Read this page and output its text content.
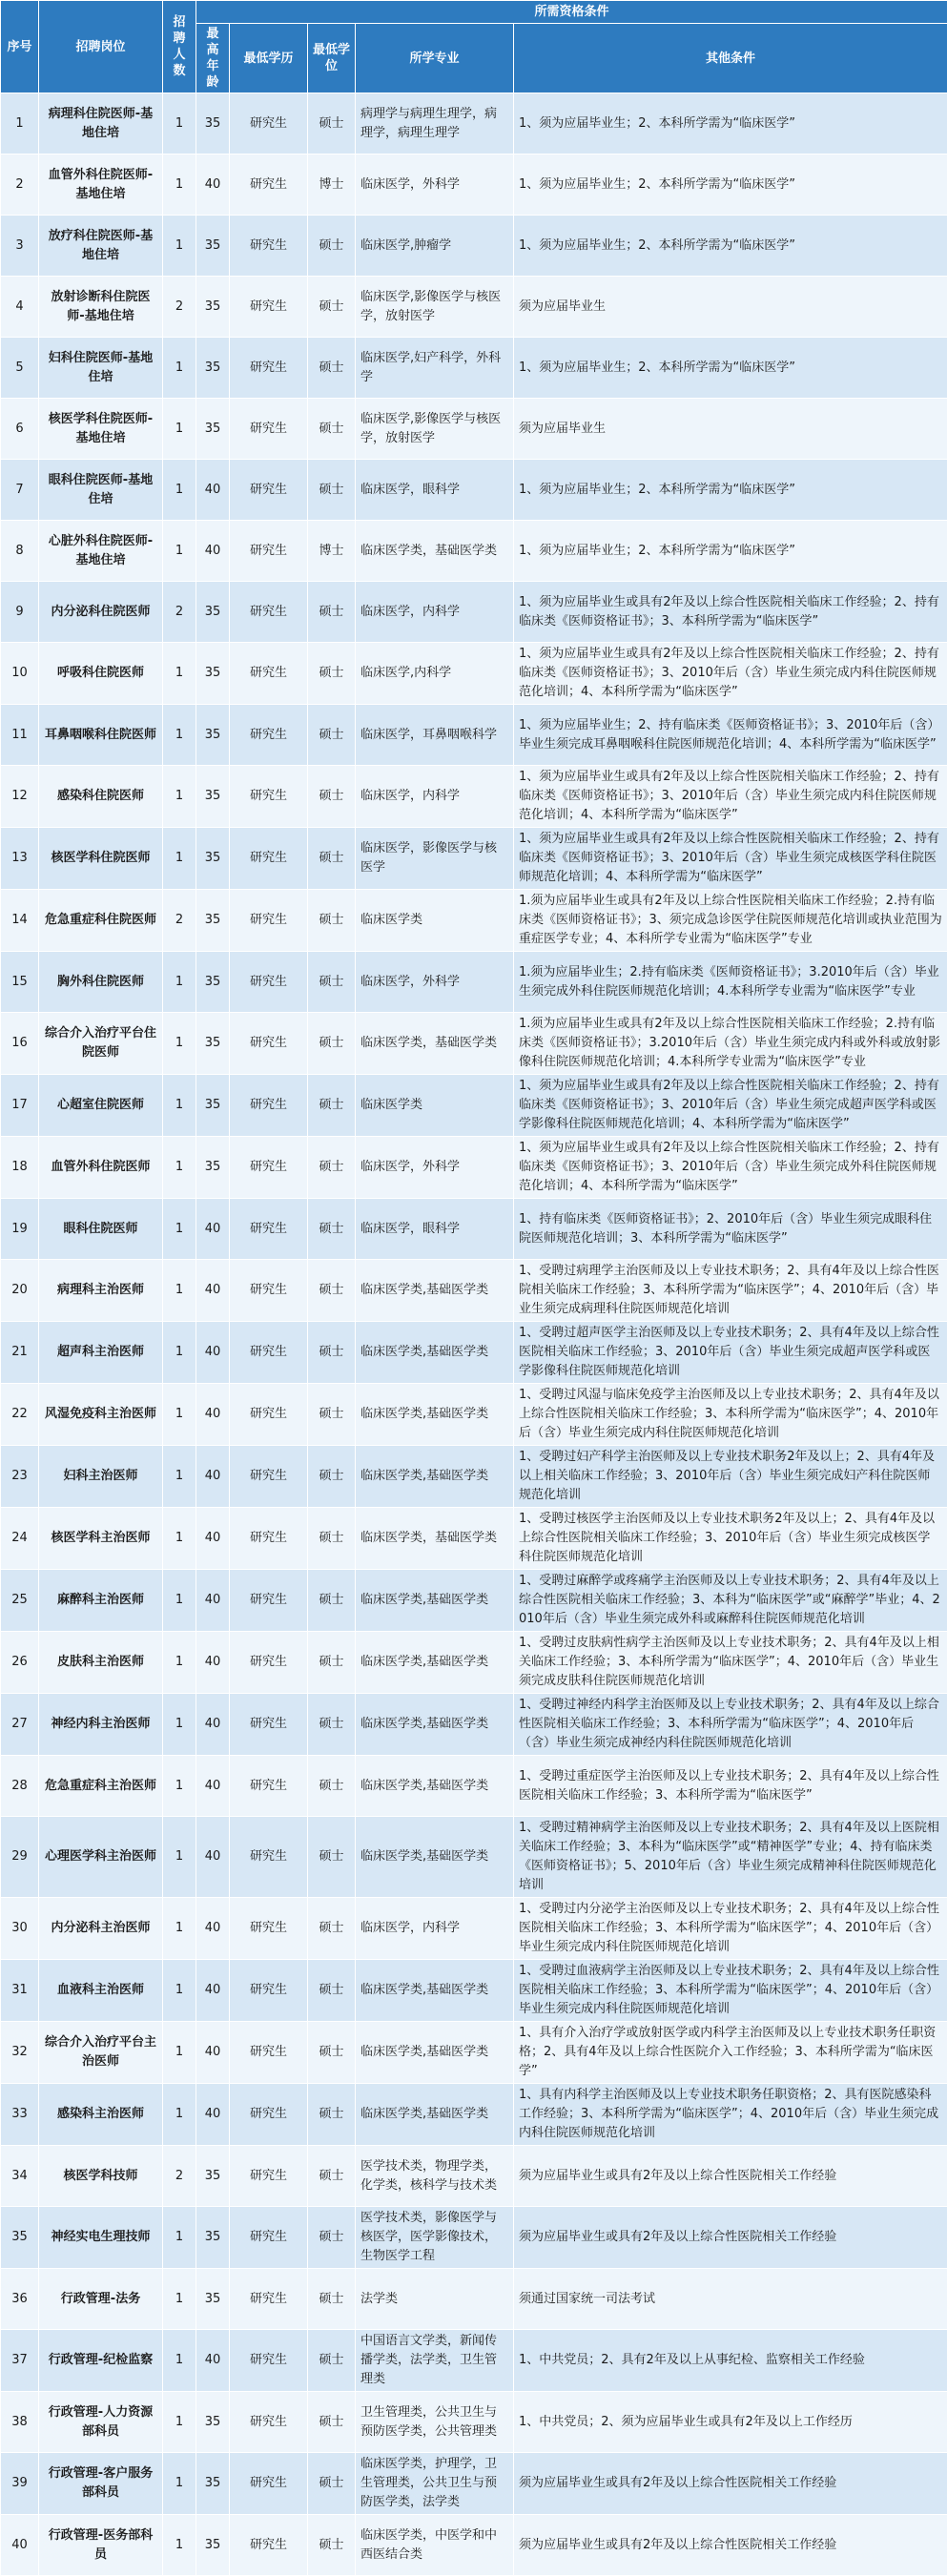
序号	招聘岗位	招聘人数	所需资格条件				
			最高年龄	最低学历	最低学位	所学专业	其他条件
1	病理科住院医师-基地住培	1	35	研究生	硕士	病理学与病理生理学，病理学，病理生理学	1、须为应届毕业生；2、本科所学需为“临床医学”
2	血管外科住院医师-基地住培	1	40	研究生	博士	临床医学，外科学	1、须为应届毕业生；2、本科所学需为“临床医学”
3	放疗科住院医师-基地住培	1	35	研究生	硕士	临床医学,肿瘤学	1、须为应届毕业生；2、本科所学需为“临床医学”
4	放射诊断科住院医师-基地住培	2	35	研究生	硕士	临床医学,影像医学与核医学，放射医学	须为应届毕业生
5	妇科住院医师-基地住培	1	35	研究生	硕士	临床医学,妇产科学，外科学	1、须为应届毕业生；2、本科所学需为“临床医学”
6	核医学科住院医师-基地住培	1	35	研究生	硕士	临床医学,影像医学与核医学，放射医学	须为应届毕业生
7	眼科住院医师-基地住培	1	40	研究生	硕士	临床医学，眼科学	1、须为应届毕业生；2、本科所学需为“临床医学”
8	心脏外科住院医师-基地住培	1	40	研究生	博士	临床医学类，基础医学类	1、须为应届毕业生；2、本科所学需为“临床医学”
9	内分泌科住院医师	2	35	研究生	硕士	临床医学，内科学	1、须为应届毕业生或具有2年及以上综合性医院相关临床工作经验；2、持有临床类《医师资格证书》；3、本科所学需为“临床医学”
10	呼吸科住院医师	1	35	研究生	硕士	临床医学,内科学	1、须为应届毕业生或具有2年及以上综合性医院相关临床工作经验；2、持有临床类《医师资格证书》；3、2010年后（含）毕业生须完成内科住院医师规范化培训；4、本科所学需为“临床医学”
11	耳鼻咽喉科住院医师	1	35	研究生	硕士	临床医学，耳鼻咽喉科学	1、须为应届毕业生；2、持有临床类《医师资格证书》；3、2010年后（含）毕业生须完成耳鼻咽喉科住院医师规范化培训；4、本科所学需为“临床医学”
12	感染科住院医师	1	35	研究生	硕士	临床医学，内科学	1、须为应届毕业生或具有2年及以上综合性医院相关临床工作经验；2、持有临床类《医师资格证书》；3、2010年后（含）毕业生须完成内科住院医师规范化培训；4、本科所学需为“临床医学”
13	核医学科住院医师	1	35	研究生	硕士	临床医学，影像医学与核医学	1、须为应届毕业生或具有2年及以上综合性医院相关临床工作经验；2、持有临床类《医师资格证书》；3、2010年后（含）毕业生须完成核医学科住院医师规范化培训；4、本科所学需为“临床医学”
14	危急重症科住院医师	2	35	研究生	硕士	临床医学类	1.须为应届毕业生或具有2年及以上综合性医院相关临床工作经验；2.持有临床类《医师资格证书》；3、须完成急诊医学住院医师规范化培训或执业范围为重症医学专业；4、本科所学专业需为“临床医学”专业
15	胸外科住院医师	1	35	研究生	硕士	临床医学，外科学	1.须为应届毕业生；2.持有临床类《医师资格证书》；3.2010年后（含）毕业生须完成外科住院医师规范化培训；4.本科所学专业需为“临床医学”专业
16	综合介入治疗平台住院医师	1	35	研究生	硕士	临床医学类，基础医学类	1.须为应届毕业生或具有2年及以上综合性医院相关临床工作经验；2.持有临床类《医师资格证书》；3.2010年后（含）毕业生须完成内科或外科或放射影像科住院医师规范化培训；4.本科所学专业需为“临床医学”专业
17	心超室住院医师	1	35	研究生	硕士	临床医学类	1、须为应届毕业生或具有2年及以上综合性医院相关临床工作经验；2、持有临床类《医师资格证书》；3、2010年后（含）毕业生须完成超声医学科或医学影像科住院医师规范化培训；4、本科所学需为“临床医学”
18	血管外科住院医师	1	35	研究生	硕士	临床医学，外科学	1、须为应届毕业生或具有2年及以上综合性医院相关临床工作经验；2、持有临床类《医师资格证书》；3、2010年后（含）毕业生须完成外科住院医师规范化培训；4、本科所学需为“临床医学”
19	眼科住院医师	1	40	研究生	硕士	临床医学，眼科学	1、持有临床类《医师资格证书》；2、2010年后（含）毕业生须完成眼科住院医师规范化培训；3、本科所学需为“临床医学”
20	病理科主治医师	1	40	研究生	硕士	临床医学类,基础医学类	1、受聘过病理学主治医师及以上专业技术职务；2、具有4年及以上综合性医院相关临床工作经验；3、本科所学需为“临床医学”；4、2010年后（含）毕业生须完成病理科住院医师规范化培训
21	超声科主治医师	1	40	研究生	硕士	临床医学类,基础医学类	1、受聘过超声医学主治医师及以上专业技术职务；2、具有4年及以上综合性医院相关临床工作经验；3、2010年后（含）毕业生须完成超声医学科或医学影像科住院医师规范化培训
22	风湿免疫科主治医师	1	40	研究生	硕士	临床医学类,基础医学类	1、受聘过风湿与临床免疫学主治医师及以上专业技术职务；2、具有4年及以上综合性医院相关临床工作经验；3、本科所学需为“临床医学”；4、2010年后（含）毕业生须完成内科住院医师规范化培训
23	妇科主治医师	1	40	研究生	硕士	临床医学类,基础医学类	1、受聘过妇产科学主治医师及以上专业技术职务2年及以上；2、具有4年及以上相关临床工作经验；3、2010年后（含）毕业生须完成妇产科住院医师规范化培训
24	核医学科主治医师	1	40	研究生	硕士	临床医学类，基础医学类	1、受聘过核医学主治医师及以上专业技术职务2年及以上；2、具有4年及以上综合性医院相关临床工作经验；3、2010年后（含）毕业生须完成核医学科住院医师规范化培训
25	麻醉科主治医师	1	40	研究生	硕士	临床医学类,基础医学类	1、受聘过麻醉学或疼痛学主治医师及以上专业技术职务；2、具有4年及以上综合性医院相关临床工作经验；3、本科为“临床医学”或“麻醉学”毕业；4、2010年后（含）毕业生须完成外科或麻醉科住院医师规范化培训
26	皮肤科主治医师	1	40	研究生	硕士	临床医学类,基础医学类	1、受聘过皮肤病性病学主治医师及以上专业技术职务；2、具有4年及以上相关临床工作经验；3、本科所学需为“临床医学”；4、2010年后（含）毕业生须完成皮肤科住院医师规范化培训
27	神经内科主治医师	1	40	研究生	硕士	临床医学类,基础医学类	1、受聘过神经内科学主治医师及以上专业技术职务；2、具有4年及以上综合性医院相关临床工作经验；3、本科所学需为“临床医学”；4、2010年后（含）毕业生须完成神经内科住院医师规范化培训
28	危急重症科主治医师	1	40	研究生	硕士	临床医学类,基础医学类	1、受聘过重症医学主治医师及以上专业技术职务；2、具有4年及以上综合性医院相关临床工作经验；3、本科所学需为“临床医学”
29	心理医学科主治医师	1	40	研究生	硕士	临床医学类,基础医学类	1、受聘过精神病学主治医师及以上专业技术职务；2、具有4年及以上医院相关临床工作经验；3、本科为“临床医学”或“精神医学”专业；4、持有临床类《医师资格证书》；5、2010年后（含）毕业生须完成精神科住院医师规范化培训
30	内分泌科主治医师	1	40	研究生	硕士	临床医学，内科学	1、受聘过内分泌学主治医师及以上专业技术职务；2、具有4年及以上综合性医院相关临床工作经验；3、本科所学需为“临床医学”；4、2010年后（含）毕业生须完成内科住院医师规范化培训
31	血液科主治医师	1	40	研究生	硕士	临床医学类,基础医学类	1、受聘过血液病学主治医师及以上专业技术职务；2、具有4年及以上综合性医院相关临床工作经验；3、本科所学需为“临床医学”；4、2010年后（含）毕业生须完成内科住院医师规范化培训
32	综合介入治疗平台主治医师	1	40	研究生	硕士	临床医学类,基础医学类	1、具有介入治疗学或放射医学或内科学主治医师及以上专业技术职务任职资格；2、具有4年及以上综合性医院介入工作经验；3、本科所学需为“临床医学”
33	感染科主治医师	1	40	研究生	硕士	临床医学类,基础医学类	1、具有内科学主治医师及以上专业技术职务任职资格；2、具有医院感染科工作经验；3、本科所学需为“临床医学”；4、2010年后（含）毕业生须完成内科住院医师规范化培训
34	核医学科技师	2	35	研究生	硕士	医学技术类，物理学类，化学类，核科学与技术类	须为应届毕业生或具有2年及以上综合性医院相关工作经验
35	神经实电生理技师	1	35	研究生	硕士	医学技术类，影像医学与核医学，医学影像技术，生物医学工程	须为应届毕业生或具有2年及以上综合性医院相关工作经验
36	行政管理-法务	1	35	研究生	硕士	法学类	须通过国家统一司法考试
37	行政管理-纪检监察	1	40	研究生	硕士	中国语言文学类，新闻传播学类，法学类，卫生管理类	1、中共党员；2、具有2年及以上从事纪检、监察相关工作经验
38	行政管理-人力资源部科员	1	35	研究生	硕士	卫生管理类，公共卫生与预防医学类，公共管理类	1、中共党员；2、须为应届毕业生或具有2年及以上工作经历
39	行政管理-客户服务部科员	1	35	研究生	硕士	临床医学类，护理学，卫生管理类，公共卫生与预防医学类，法学类	须为应届毕业生或具有2年及以上综合性医院相关工作经验
40	行政管理-医务部科员	1	35	研究生	硕士	临床医学类，中医学和中西医结合类	须为应届毕业生或具有2年及以上综合性医院相关工作经验
